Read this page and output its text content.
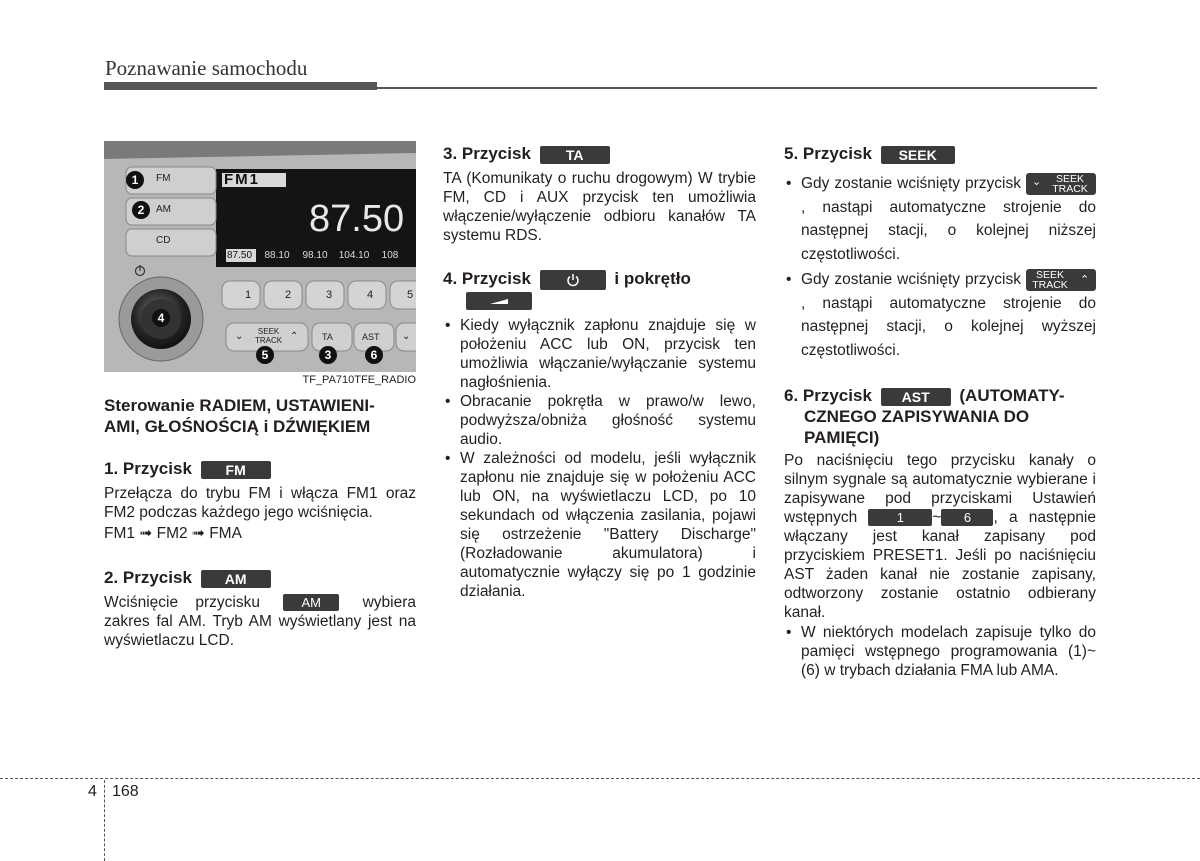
Poznawanie samochodu
FM1
87.50
87.50 88.10 98.10 104.10 108
FM
AM
CD
1	2	3	4	5
SEEK
TRACK
⌄	⌃	TA	AST ⌄
1
2
4
5	3	6
TF_PA710TFE_RADIO
Sterowanie RADIEM, USTAWIENI-
AMI, GŁOŚNOŚCIĄ i DŹWIĘKIEM
1. Przycisk FM
Przełącza do trybu FM i włącza FM1 oraz FM2 podczas każdego jego wciśnięcia.
FM1 ➟ FM2 ➟ FMA
2. Przycisk AM
Wciśnięcie przycisku	AM	wybiera zakres fal AM. Tryb AM wyświetlany jest na wyświetlaczu LCD.
3. Przycisk TA
TA (Komunikaty o ruchu drogowym) W trybie FM, CD i AUX przycisk ten umożliwia włączenie/wyłączenie odbioru kanałów TA systemu RDS.
4. Przycisk	i pokrętło

• Kiedy wyłącznik zapłonu znajduje się w położeniu ACC lub ON, przycisk ten umożliwia włączanie/wyłączanie systemu nagłośnienia.

• Obracanie pokrętła w prawo/w lewo, podwyższa/obniża głośność systemu audio.

• W zależności od modelu, jeśli wyłącznik zapłonu nie znajduje się w położeniu ACC lub ON, na wyświetlaczu LCD, po 10 sekundach od włączenia zasilania, pojawi się ostrzeżenie "Battery Discharge" (Rozładowanie akumulatora) i automatycznie wyłączy się po 1 godzinie działania.

5. Przycisk SEEK

• Gdy zostanie wciśnięty przycisk ⌄	SEEK
TRACK
, nastąpi automatyczne strojenie do następnej stacji, o kolejnej niższej częstotliwości.

• Gdy zostanie wciśnięty przycisk	SEEK
TRACK	⌃
, nastąpi automatyczne strojenie do następnej stacji, o kolejnej wyższej częstotliwości.

6. Przycisk AST (AUTOMATY-
CZNEGO ZAPISYWANIA DO
PAMIĘCI)
Po naciśnięciu tego przycisku kanały o silnym sygnale są automatycznie wybierane i zapisywane pod przyciskami Ustawień wstępnych	1 ~ 6 , a następnie włączany jest kanał zapisany pod przyciskiem PRESET1. Jeśli po naciśnięciu AST żaden kanał nie zostanie zapisany, odtworzony zostanie ostatnio odbierany kanał.

• W niektórych modelach zapisuje tylko do pamięci wstępnego programowania (1)~(6) w trybach działania FMA lub AMA.

4 168
